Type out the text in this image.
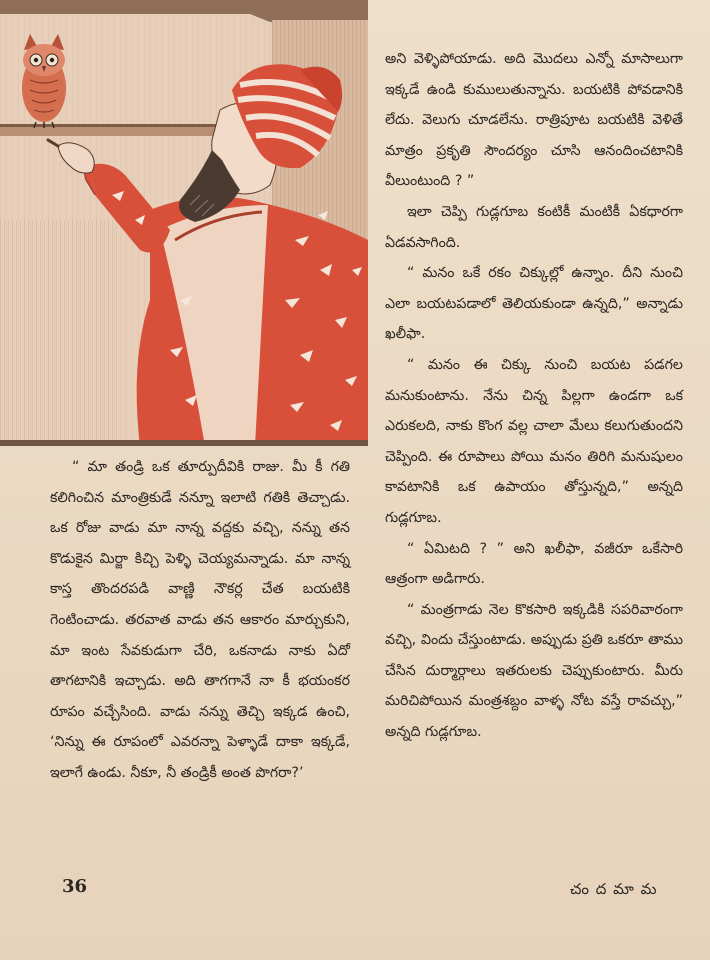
“ మా తండ్రి ఒక తూర్పుదీవికి రాజు. మీ కీ గతి కలిగించిన మాంత్రికుడే నన్నూ ఇలాటి గతికి తెచ్చాడు. ఒక రోజు వాడు మా నాన్న వద్దకు వచ్చి, నన్ను తన కొడుకైన మిర్జా కిచ్చి పెళ్ళి చెయ్యమన్నాడు. మా నాన్న కాస్త తొందరపడి వాణ్ణి నౌకర్ల చేత బయటికి గెంటించాడు. తరవాత వాడు తన ఆకారం మార్చుకుని, మా ఇంట సేవకుడుగా చేరి, ఒకనాడు నాకు ఏదో తాగటానికి ఇచ్చాడు. అది తాగగానే నా కీ భయంకర రూపం వచ్చేసింది. వాడు నన్ను తెచ్చి ఇక్కడ ఉంచి, ‘నిన్ను ఈ రూపంలో ఎవరన్నా పెళ్ళాడే దాకా ఇక్కడే, ఇలాగే ఉండు. నీకూ, నీ తండ్రికీ అంత పొగరా?’

అని వెళ్ళిపోయాడు. అది మొదలు ఎన్నో మాసాలుగా ఇక్కడే ఉండి కుములుతున్నాను. బయటికి పోవడానికి లేదు. వెలుగు చూడలేను. రాత్రిపూట బయటికి వెళితే మాత్రం ప్రకృతి సౌందర్యం చూసి ఆనందించటానికి వీలుంటుంది ? ”

ఇలా చెప్పి గుడ్లగూబ కంటికీ మంటికీ ఏకధారగా ఏడవసాగింది.

“ మనం ఒకే రకం చిక్కుల్లో ఉన్నాం. దీని నుంచి ఎలా బయటపడాలో తెలియకుండా ఉన్నది,” అన్నాడు ఖలీఫా.

“ మనం ఈ చిక్కు నుంచి బయట పడగల మనుకుంటాను. నేను చిన్న పిల్లగా ఉండగా ఒక ఎరుకలది, నాకు కొంగ వల్ల చాలా మేలు కలుగుతుందని చెప్పింది. ఈ రూపాలు పోయి మనం తిరిగి మనుషులం కావటానికి ఒక ఉపాయం తోస్తున్నది,” అన్నది గుడ్లగూబ.

“ ఏమిటది ? ” అని ఖలీఫా, వజీరూ ఒకేసారి ఆత్రంగా అడిగారు.

“ మంత్రగాడు నెల కొకసారి ఇక్కడికి సపరివారంగా వచ్చి, విందు చేస్తుంటాడు. అప్పుడు ప్రతి ఒకరూ తాము చేసిన దుర్మార్గాలు ఇతరులకు చెప్పుకుంటారు. మీరు మరిచిపోయిన మంత్రశబ్దం వాళ్ళ నోట వస్తే రావచ్చు,” అన్నది గుడ్లగూబ.

36	చం ద మా మ
